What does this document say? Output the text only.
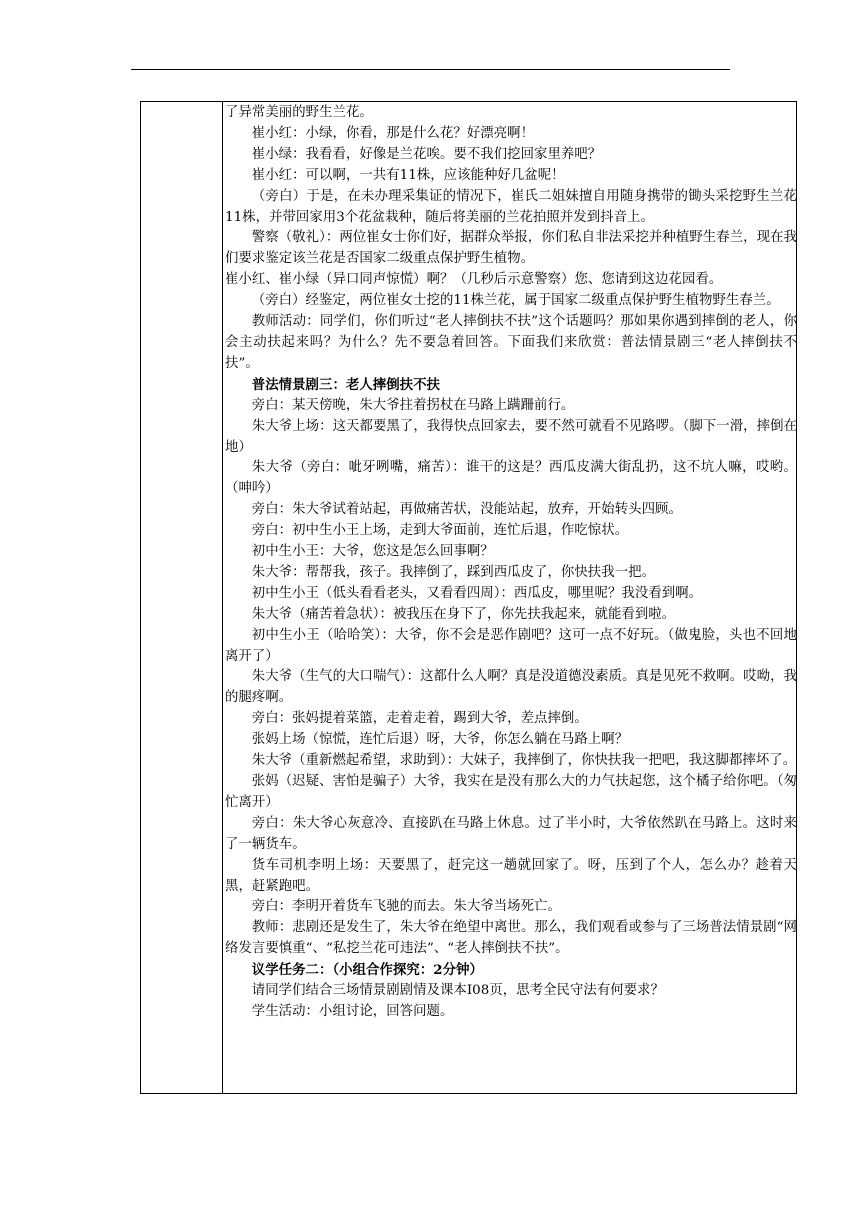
了异常美丽的野生兰花。

崔小红：小绿，你看，那是什么花？好漂亮啊！

崔小绿：我看看，好像是兰花唉。要不我们挖回家里养吧？

崔小红：可以啊，一共有11株，应该能种好几盆呢！

（旁白）于是，在未办理采集证的情况下，崔氏二姐妹擅自用随身携带的锄头采挖野生兰花11株，并带回家用3个花盆栽种，随后将美丽的兰花拍照并发到抖音上。

警察（敬礼）：两位崔女士你们好，据群众举报，你们私自非法采挖并种植野生春兰，现在我们要求鉴定该兰花是否国家二级重点保护野生植物。

崔小红、崔小绿（异口同声惊慌）啊？（几秒后示意警察）您、您请到这边花园看。

（旁白）经鉴定，两位崔女士挖的11株兰花，属于国家二级重点保护野生植物野生春兰。

教师活动：同学们，你们听过“老人摔倒扶不扶”这个话题吗？那如果你遇到摔倒的老人，你会主动扶起来吗？为什么？先不要急着回答。下面我们来欣赏：普法情景剧三“老人摔倒扶不扶”。

普法情景剧三：老人摔倒扶不扶

旁白：某天傍晚，朱大爷拄着拐杖在马路上蹒跚前行。

朱大爷上场：这天都要黑了，我得快点回家去，要不然可就看不见路啰。（脚下一滑，摔倒在地）

朱大爷（旁白：呲牙咧嘴，痛苦）：谁干的这是？西瓜皮满大街乱扔，这不坑人嘛，哎哟。（呻吟）

旁白：朱大爷试着站起，再做痛苦状，没能站起，放弃，开始转头四顾。

旁白：初中生小王上场，走到大爷面前，连忙后退，作吃惊状。

初中生小王：大爷，您这是怎么回事啊？

朱大爷：帮帮我，孩子。我摔倒了，踩到西瓜皮了，你快扶我一把。

初中生小王（低头看看老头，又看看四周）：西瓜皮，哪里呢？我没看到啊。

朱大爷（痛苦着急状）：被我压在身下了，你先扶我起来，就能看到啦。

初中生小王（哈哈笑）：大爷，你不会是恶作剧吧？这可一点不好玩。（做鬼脸，头也不回地离开了）

朱大爷（生气的大口喘气）：这都什么人啊？真是没道德没素质。真是见死不救啊。哎呦，我的腿疼啊。

旁白：张妈提着菜篮，走着走着，踢到大爷，差点摔倒。

张妈上场（惊慌，连忙后退）呀，大爷，你怎么躺在马路上啊？

朱大爷（重新燃起希望，求助到）：大妹子，我摔倒了，你快扶我一把吧，我这脚都摔坏了。

张妈（迟疑、害怕是骗子）大爷，我实在是没有那么大的力气扶起您，这个橘子给你吧。（匆忙离开）

旁白：朱大爷心灰意冷、直接趴在马路上休息。过了半小时，大爷依然趴在马路上。这时来了一辆货车。

货车司机李明上场：天要黑了，赶完这一趟就回家了。呀，压到了个人，怎么办？趁着天黑，赶紧跑吧。

旁白：李明开着货车飞驰的而去。朱大爷当场死亡。

教师：悲剧还是发生了，朱大爷在绝望中离世。那么，我们观看或参与了三场普法情景剧“网络发言要慎重“、“私挖兰花可违法”、“老人摔倒扶不扶”。

议学任务二：（小组合作探究：2分钟）

请同学们结合三场情景剧剧情及课本I08页，思考全民守法有何要求？

学生活动：小组讨论，回答问题。
